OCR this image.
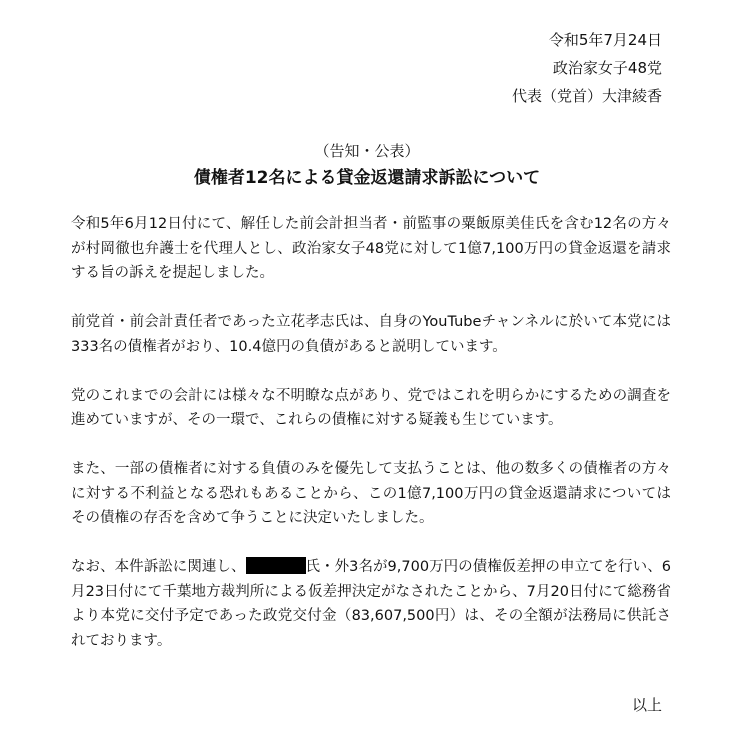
令和5年7月24日
政治家女子48党
代表（党首）大津綾香
（告知・公表）
債権者12名による貸金返還請求訴訟について

令和5年6月12日付にて、解任した前会計担当者・前監事の粟飯原美佳氏を含む12名の方々が村岡徹也弁護士を代理人とし、政治家女子48党に対して1億7,100万円の貸金返還を請求する旨の訴えを提起しました。

前党首・前会計責任者であった立花孝志氏は、自身のYouTubeチャンネルに於いて本党には333名の債権者がおり、10.4億円の負債があると説明しています。

党のこれまでの会計には様々な不明瞭な点があり、党ではこれを明らかにするための調査を進めていますが、その一環で、これらの債権に対する疑義も生じています。

また、一部の債権者に対する負債のみを優先して支払うことは、他の数多くの債権者の方々に対する不利益となる恐れもあることから、この1億7,100万円の貸金返還請求についてはその債権の存否を含めて争うことに決定いたしました。

なお、本件訴訟に関連し、	氏・外3名が9,700万円の債権仮差押の申立てを行い、6月23日付にて千葉地方裁判所による仮差押決定がなされたことから、7月20日付にて総務省より本党に交付予定であった政党交付金（83,607,500円）は、その全額が法務局に供託されております。

以上
